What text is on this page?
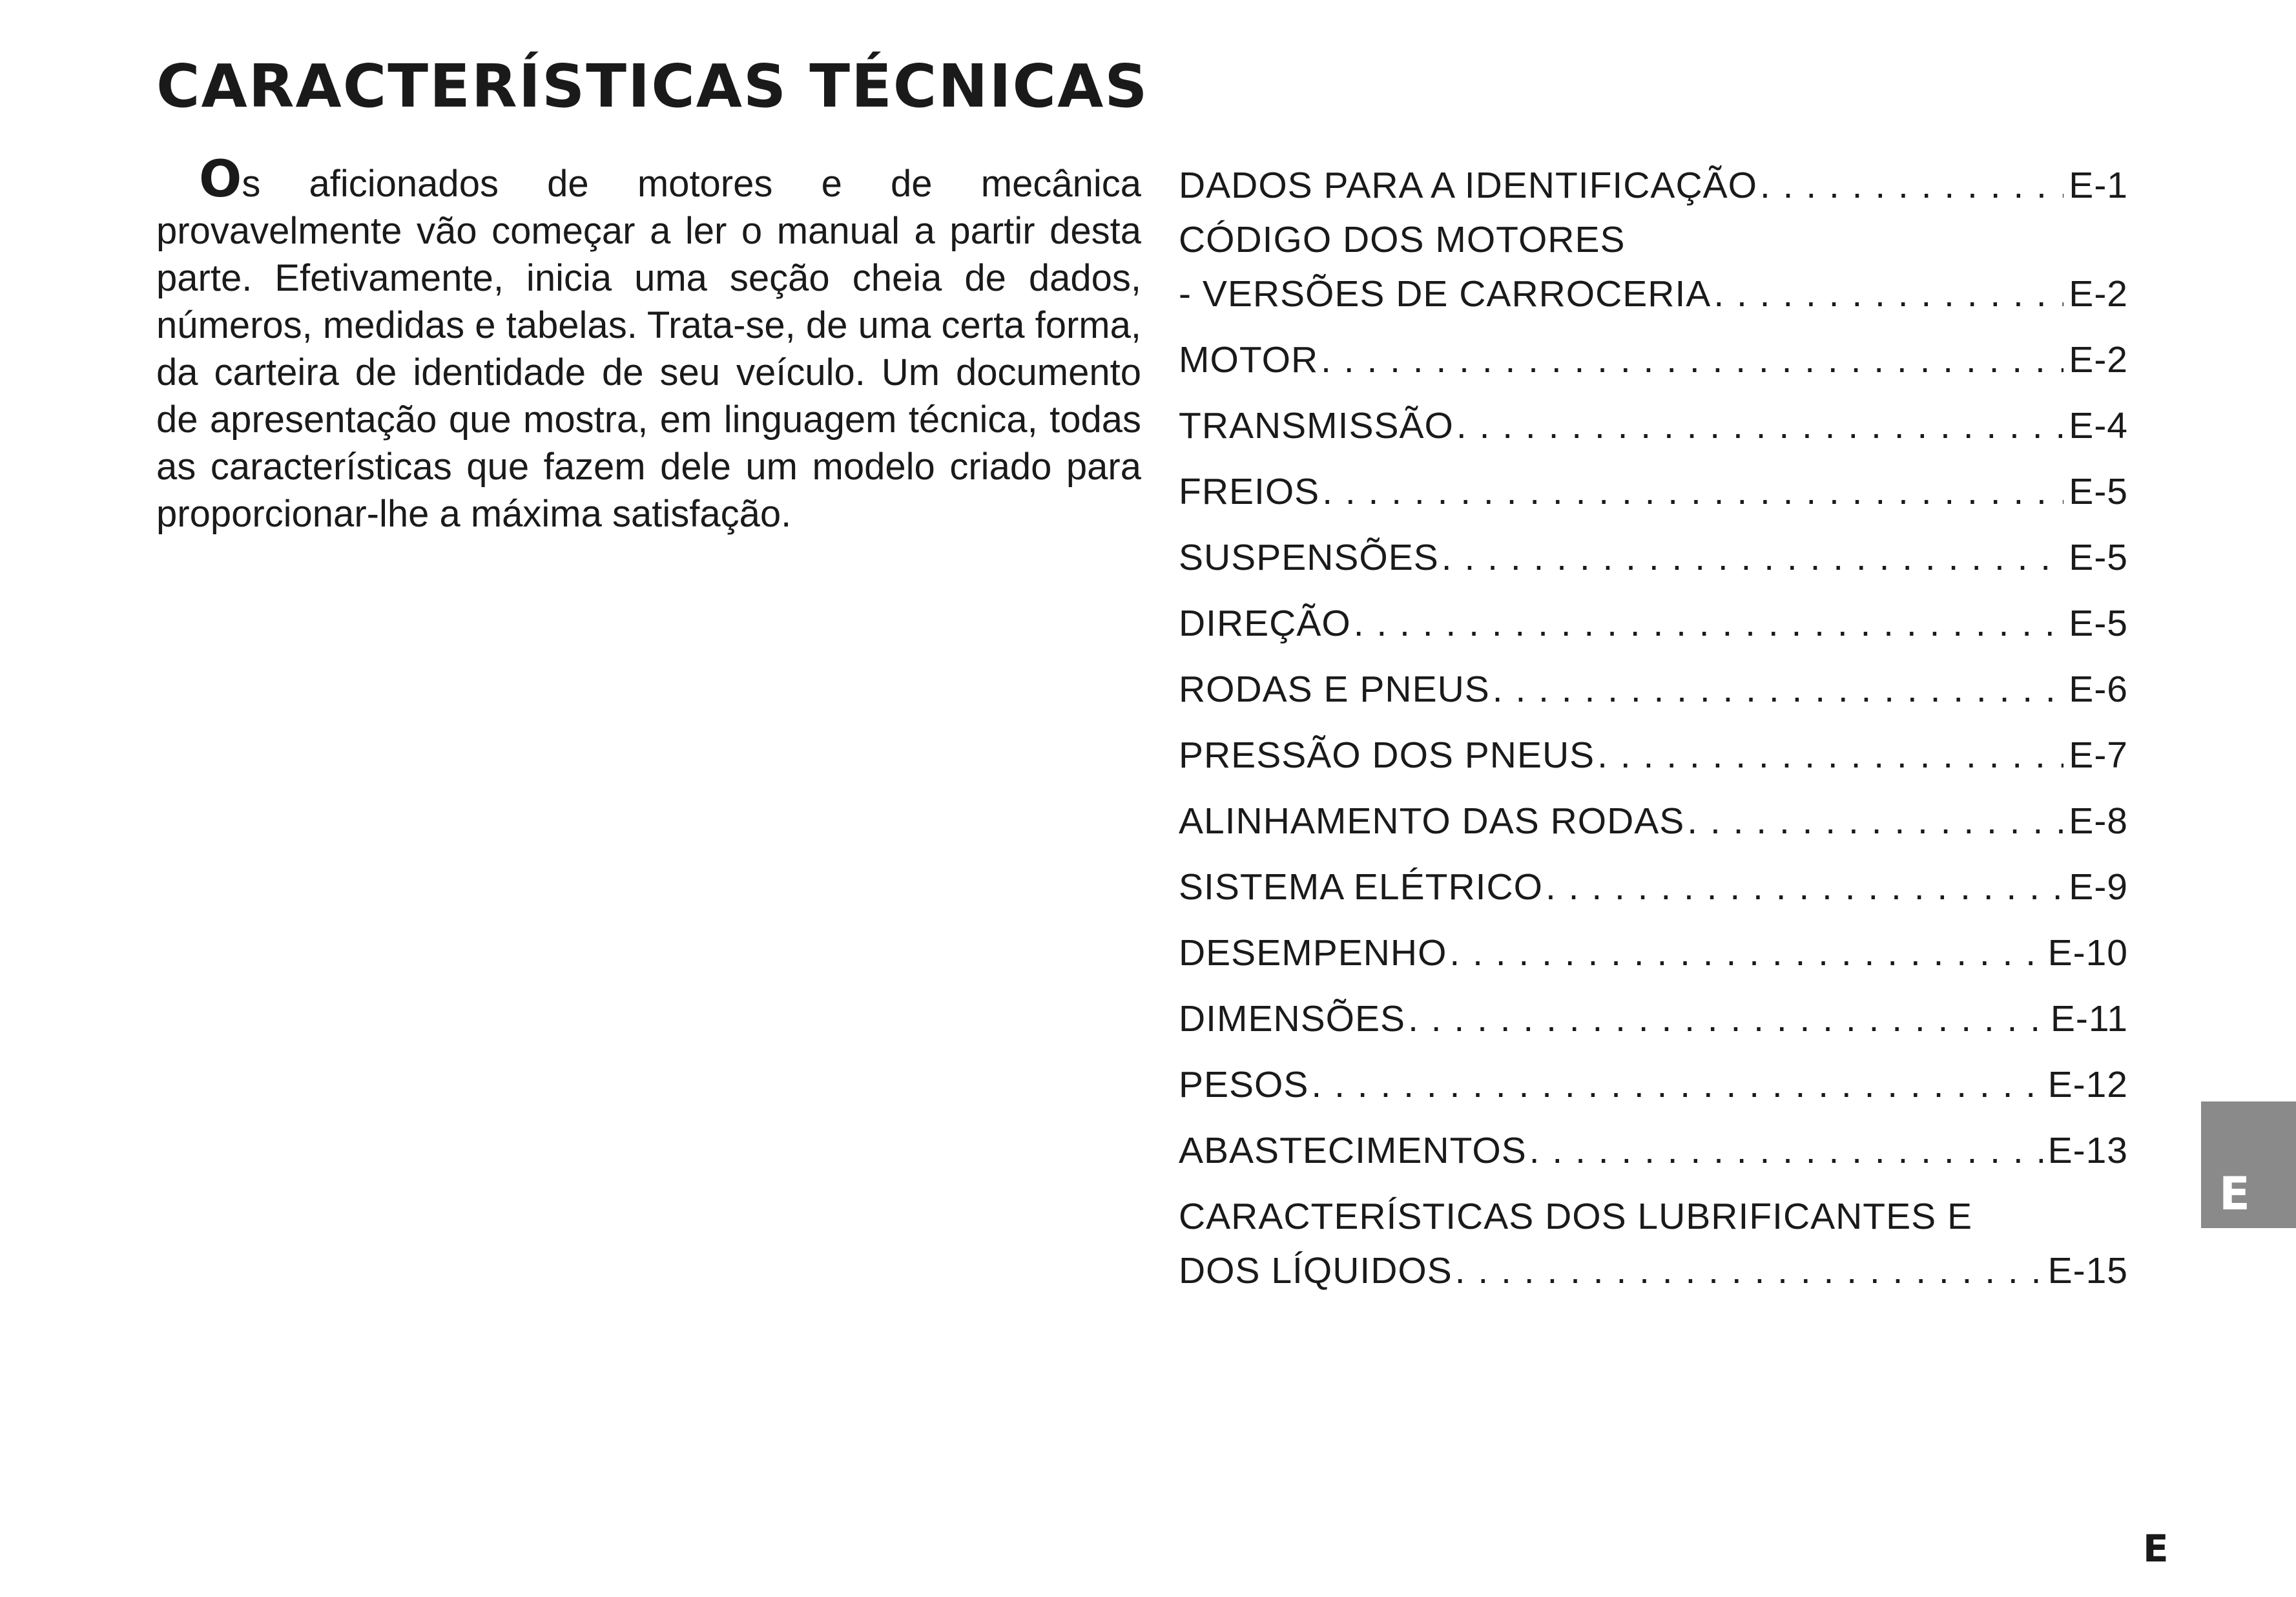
CARACTERÍSTICAS TÉCNICAS

Os aficionados de motores e de mecânica provavelmente vão começar a ler o manual a partir desta parte. Efetivamente, inicia uma seção cheia de dados, números, medidas e tabelas. Trata-se, de uma certa forma, da carteira de identidade de seu veículo. Um documento de apresentação que mostra, em linguagem técnica, todas as características que fazem dele um modelo criado para proporcionar-lhe a máxima satisfação.

DADOS PARA A IDENTIFICAÇÃO . . .	E-1
CÓDIGO DOS MOTORES
- VERSÕES DE CARROCERIA . . .	E-2
MOTOR . . .	E-2
TRANSMISSÃO . . .	E-4
FREIOS . . .	E-5
SUSPENSÕES . . .	E-5
DIREÇÃO . . .	E-5
RODAS E PNEUS . . .	E-6
PRESSÃO DOS PNEUS . . .	E-7
ALINHAMENTO DAS RODAS . . .	E-8
SISTEMA ELÉTRICO . . .	E-9
DESEMPENHO . . .	E-10
DIMENSÕES . . .	E-11
PESOS . . .	E-12
ABASTECIMENTOS . . .	E-13
CARACTERÍSTICAS DOS LUBRIFICANTES E
DOS LÍQUIDOS . . .	E-15
E
E
